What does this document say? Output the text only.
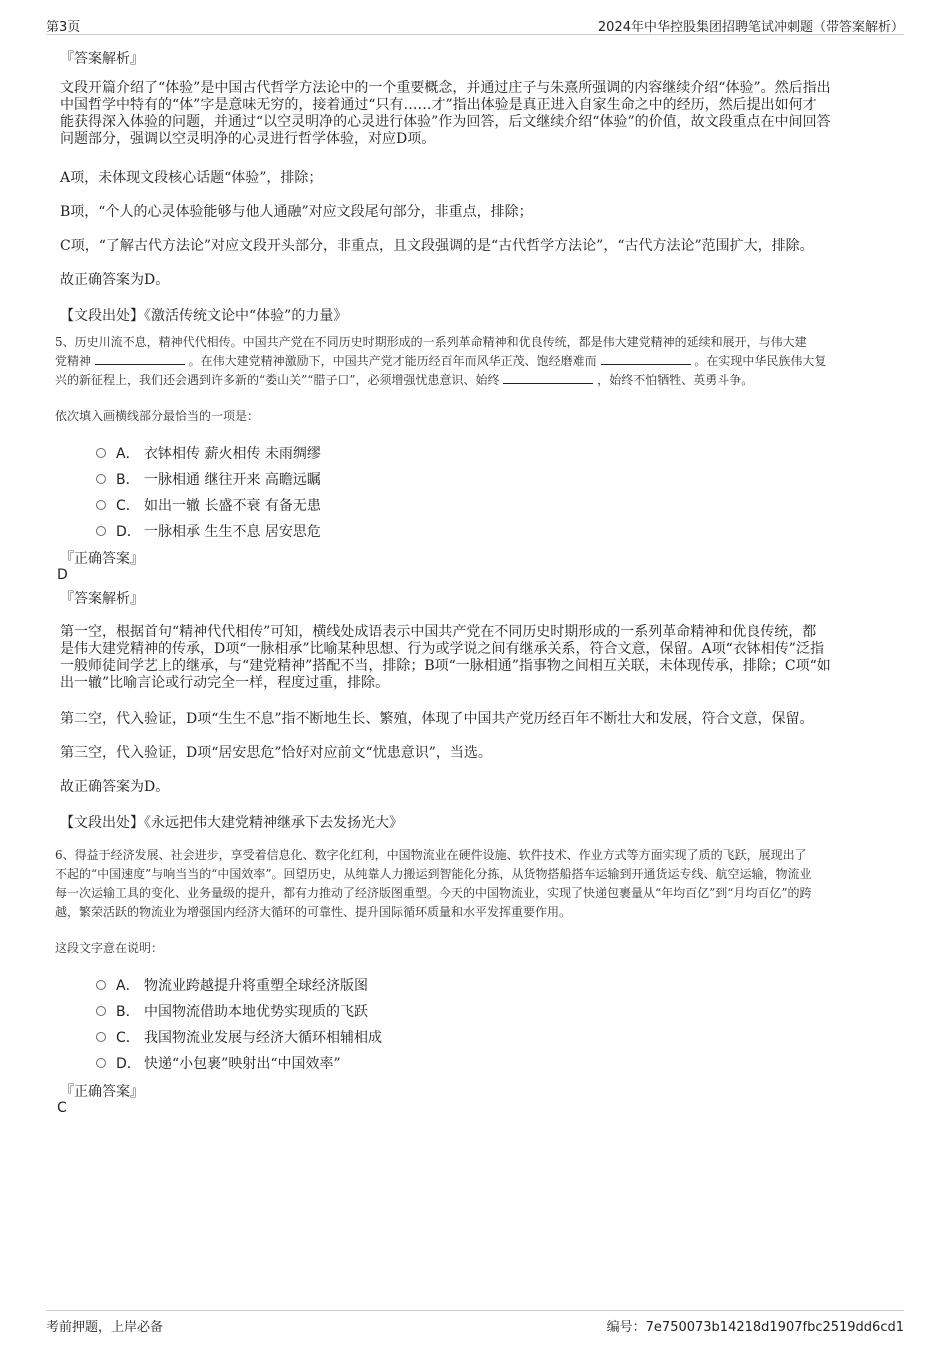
第3页	2024年中华控股集团招聘笔试冲刺题（带答案解析）
『答案解析』
文段开篇介绍了“体验”是中国古代哲学方法论中的一个重要概念，并通过庄子与朱熹所强调的内容继续介绍“体验”。然后指出
中国哲学中特有的“体”字是意味无穷的，接着通过“只有……才”指出体验是真正进入自家生命之中的经历，然后提出如何才
能获得深入体验的问题，并通过“以空灵明净的心灵进行体验”作为回答，后文继续介绍“体验”的价值，故文段重点在中间回答
问题部分，强调以空灵明净的心灵进行哲学体验，对应D项。
A项，未体现文段核心话题“体验”，排除；
B项，“个人的心灵体验能够与他人通融”对应文段尾句部分，非重点，排除；
C项，“了解古代方法论”对应文段开头部分，非重点，且文段强调的是“古代哲学方法论”，“古代方法论”范围扩大，排除。
故正确答案为D。
【文段出处】《激活传统文论中“体验”的力量》
5、历史川流不息，精神代代相传。中国共产党在不同历史时期形成的一系列革命精神和优良传统，都是伟大建党精神的延续和展开，与伟大建
党精神	。在伟大建党精神激励下，中国共产党才能历经百年而风华正茂、饱经磨难而	。在实现中华民族伟大复
兴的新征程上，我们还会遇到许多新的“娄山关”“腊子口”，必须增强忧患意识、始终	，始终不怕牺牲、英勇斗争。
依次填入画横线部分最恰当的一项是：
A． 衣钵相传 薪火相传 未雨绸缪
B． 一脉相通 继往开来 高瞻远瞩
C． 如出一辙 长盛不衰 有备无患
D． 一脉相承 生生不息 居安思危
『正确答案』
D
『答案解析』
第一空，根据首句“精神代代相传”可知，横线处成语表示中国共产党在不同历史时期形成的一系列革命精神和优良传统，都
是伟大建党精神的传承，D项“一脉相承”比喻某种思想、行为或学说之间有继承关系，符合文意，保留。A项“衣钵相传”泛指
一般师徒间学艺上的继承，与“建党精神”搭配不当，排除；B项“一脉相通”指事物之间相互关联，未体现传承，排除；C项“如
出一辙”比喻言论或行动完全一样，程度过重，排除。
第二空，代入验证，D项“生生不息”指不断地生长、繁殖，体现了中国共产党历经百年不断壮大和发展，符合文意，保留。
第三空，代入验证，D项“居安思危”恰好对应前文“忧患意识”，当选。
故正确答案为D。
【文段出处】《永远把伟大建党精神继承下去发扬光大》
6、得益于经济发展、社会进步，享受着信息化、数字化红利，中国物流业在硬件设施、软件技术、作业方式等方面实现了质的飞跃，展现出了
不起的“中国速度”与响当当的“中国效率”。回望历史，从纯靠人力搬运到智能化分拣，从货物搭船搭车运输到开通货运专线、航空运输，物流业
每一次运输工具的变化、业务量级的提升，都有力推动了经济版图重塑。今天的中国物流业，实现了快递包裹量从“年均百亿”到“月均百亿”的跨
越，繁荣活跃的物流业为增强国内经济大循环的可靠性、提升国际循环质量和水平发挥重要作用。
这段文字意在说明：
A． 物流业跨越提升将重塑全球经济版图
B． 中国物流借助本地优势实现质的飞跃
C． 我国物流业发展与经济大循环相辅相成
D． 快递“小包裹”映射出“中国效率”
『正确答案』
C
考前押题，上岸必备	编号：7e750073b14218d1907fbc2519dd6cd1
